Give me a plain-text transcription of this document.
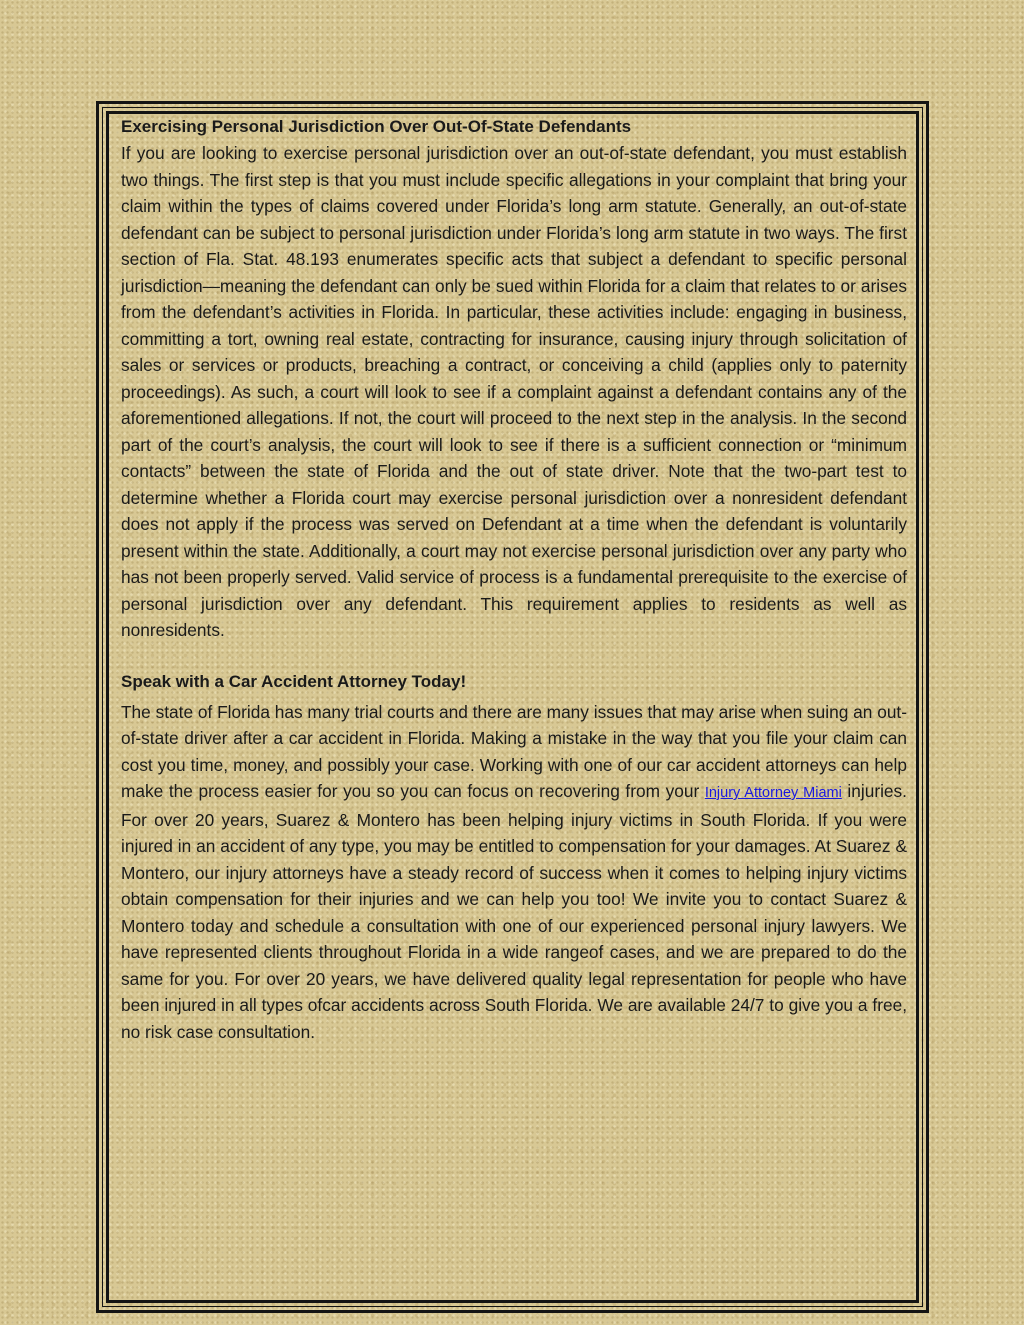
Exercising Personal Jurisdiction Over Out-Of-State Defendants

If you are looking to exercise personal jurisdiction over an out-of-state defendant, you must establish two things. The first step is that you must include specific allegations in your complaint that bring your claim within the types of claims covered under Florida’s long arm statute. Generally, an out-of-state defendant can be subject to personal jurisdiction under Florida’s long arm statute in two ways. The first section of Fla. Stat. 48.193 enumerates specific acts that subject a defendant to specific personal jurisdiction—meaning the defendant can only be sued within Florida for a claim that relates to or arises from the defendant’s activities in Florida. In particular, these activities include: engaging in business, committing a tort, owning real estate, contracting for insurance, causing injury through solicitation of sales or services or products, breaching a contract, or conceiving a child (applies only to paternity proceedings). As such, a court will look to see if a complaint against a defendant contains any of the aforementioned allegations. If not, the court will proceed to the next step in the analysis. In the second part of the court’s analysis, the court will look to see if there is a sufficient connection or “minimum contacts” between the state of Florida and the out of state driver. Note that the two-part test to determine whether a Florida court may exercise personal jurisdiction over a nonresident defendant does not apply if the process was served on Defendant at a time when the defendant is voluntarily present within the state. Additionally, a court may not exercise personal jurisdiction over any party who has not been properly served. Valid service of process is a fundamental prerequisite to the exercise of personal jurisdiction over any defendant. This requirement applies to residents as well as nonresidents.

Speak with a Car Accident Attorney Today!

The state of Florida has many trial courts and there are many issues that may arise when suing an out-of-state driver after a car accident in Florida. Making a mistake in the way that you file your claim can cost you time, money, and possibly your case. Working with one of our car accident attorneys can help make the process easier for you so you can focus on recovering from your Injury Attorney Miami injuries. For over 20 years, Suarez & Montero has been helping injury victims in South Florida. If you were injured in an accident of any type, you may be entitled to compensation for your damages. At Suarez & Montero, our injury attorneys have a steady record of success when it comes to helping injury victims obtain compensation for their injuries and we can help you too! We invite you to contact Suarez & Montero today and schedule a consultation with one of our experienced personal injury lawyers. We have represented clients throughout Florida in a wide rangeof cases, and we are prepared to do the same for you. For over 20 years, we have delivered quality legal representation for people who have been injured in all types ofcar accidents across South Florida. We are available 24/7 to give you a free, no risk case consultation.
